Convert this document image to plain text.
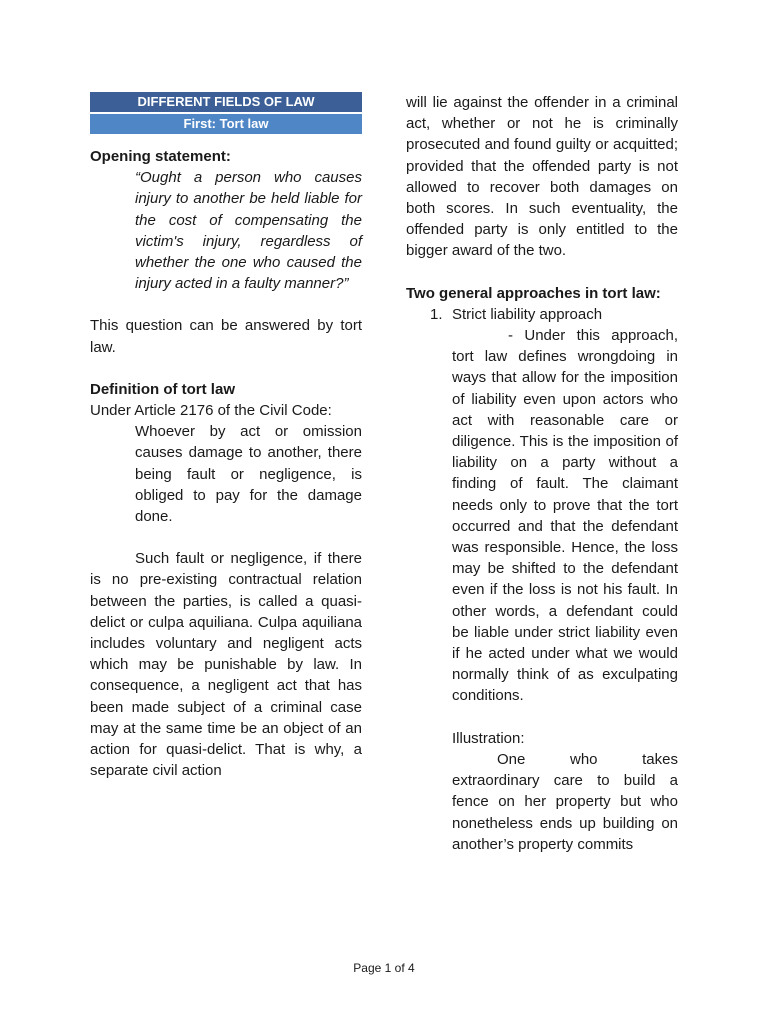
DIFFERENT FIELDS OF LAW
First: Tort law
Opening statement:
“Ought a person who causes injury to another be held liable for the cost of compensating the victim's injury, regardless of whether the one who caused the injury acted in a faulty manner?”

This question can be answered by tort law.

Definition of tort law

Under Article 2176 of the Civil Code:

Whoever by act or omission causes damage to another, there being fault or negligence, is obliged to pay for the damage done.

Such fault or negligence, if there is no pre-existing contractual relation between the parties, is called a quasi-delict or culpa aquiliana. Culpa aquiliana includes voluntary and negligent acts which may be punishable by law. In consequence, a negligent act that has been made subject of a criminal case may at the same time be an object of an action for quasi-delict. That is why, a separate civil action

will lie against the offender in a criminal act, whether or not he is criminally prosecuted and found guilty or acquitted; provided that the offended party is not allowed to recover both damages on both scores. In such eventuality, the offended party is only entitled to the bigger award of the two.

Two general approaches in tort law:
1. Strict liability approach

- Under this approach, tort law defines wrongdoing in ways that allow for the imposition of liability even upon actors who act with reasonable care or diligence. This is the imposition of liability on a party without a finding of fault. The claimant needs only to prove that the tort occurred and that the defendant was responsible. Hence, the loss may be shifted to the defendant even if the loss is not his fault. In other words, a defendant could be liable under strict liability even if he acted under what we would normally think of as exculpating conditions.

Illustration:

One who takes extraordinary care to build a fence on her property but who nonetheless ends up building on another’s property commits

Page 1 of 4
